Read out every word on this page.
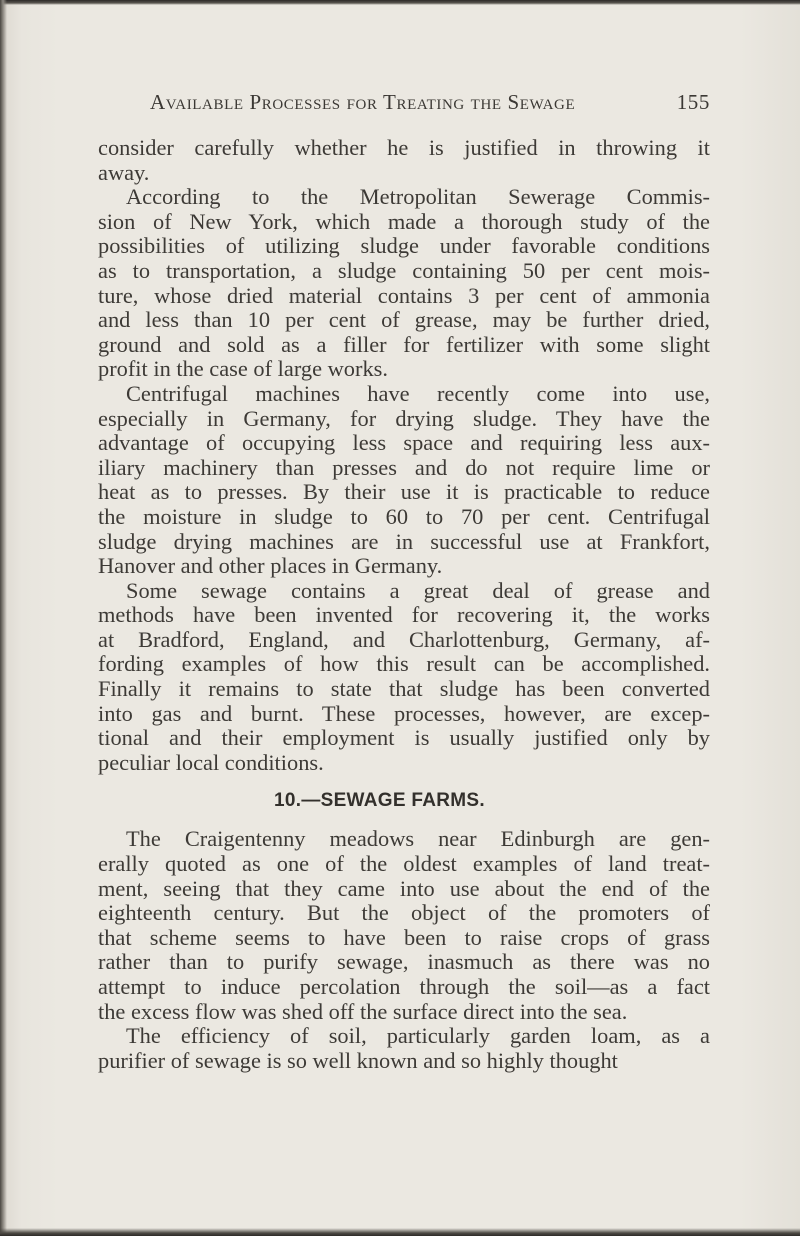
Available Processes for Treating the Sewage	155
consider carefully whether he is justified in throwing it
away.
According to the Metropolitan Sewerage Commis-
sion of New York, which made a thorough study of the
possibilities of utilizing sludge under favorable conditions
as to transportation, a sludge containing 50 per cent mois-
ture, whose dried material contains 3 per cent of ammonia
and less than 10 per cent of grease, may be further dried,
ground and sold as a filler for fertilizer with some slight
profit in the case of large works.
Centrifugal machines have recently come into use,
especially in Germany, for drying sludge. They have the
advantage of occupying less space and requiring less aux-
iliary machinery than presses and do not require lime or
heat as to presses. By their use it is practicable to reduce
the moisture in sludge to 60 to 70 per cent. Centrifugal
sludge drying machines are in successful use at Frankfort,
Hanover and other places in Germany.
Some sewage contains a great deal of grease and
methods have been invented for recovering it, the works
at Bradford, England, and Charlottenburg, Germany, af-
fording examples of how this result can be accomplished.
Finally it remains to state that sludge has been converted
into gas and burnt. These processes, however, are excep-
tional and their employment is usually justified only by
peculiar local conditions.
10.—SEWAGE FARMS.
The Craigentenny meadows near Edinburgh are gen-
erally quoted as one of the oldest examples of land treat-
ment, seeing that they came into use about the end of the
eighteenth century. But the object of the promoters of
that scheme seems to have been to raise crops of grass
rather than to purify sewage, inasmuch as there was no
attempt to induce percolation through the soil—as a fact
the excess flow was shed off the surface direct into the sea.
The efficiency of soil, particularly garden loam, as a
purifier of sewage is so well known and so highly thought
